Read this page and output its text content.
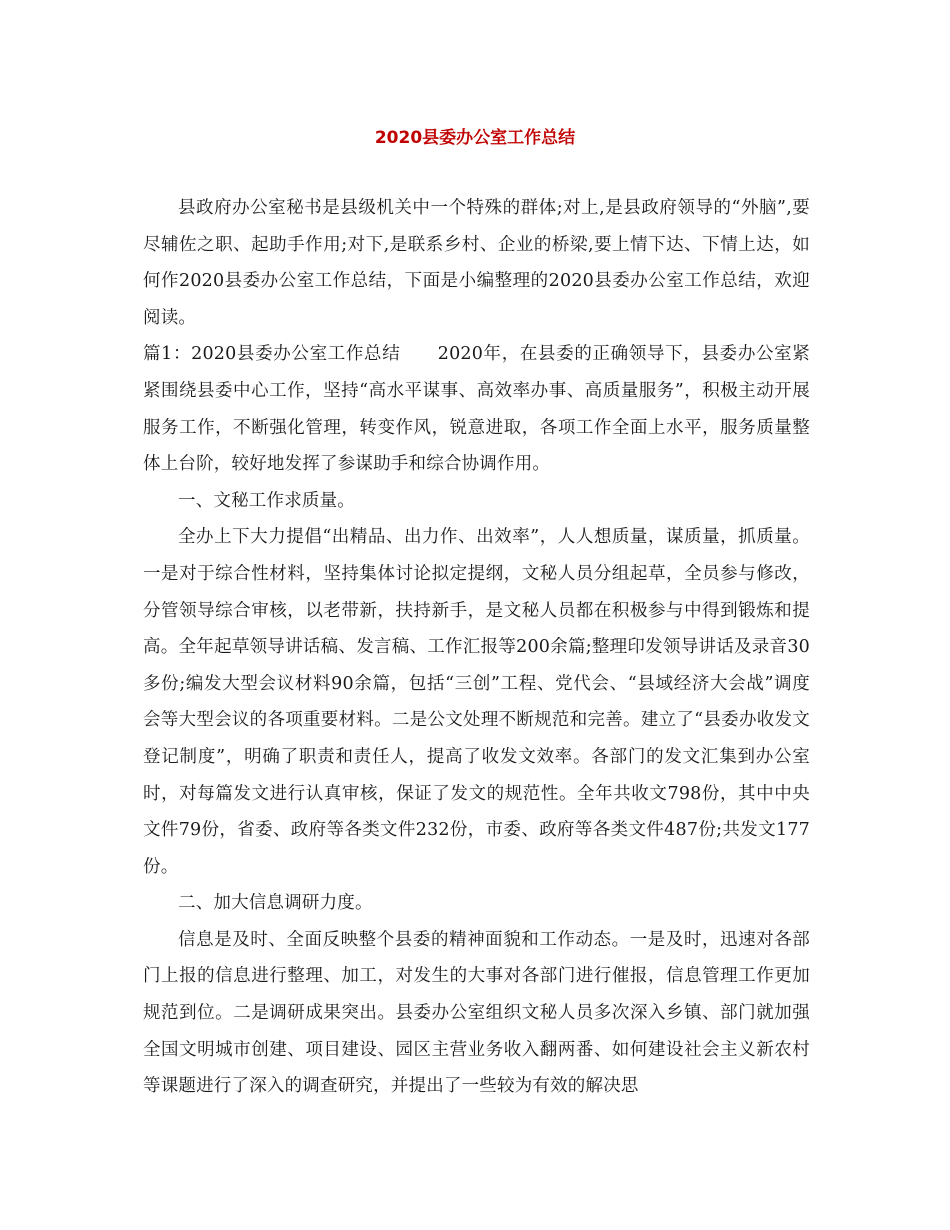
2020县委办公室工作总结

县政府办公室秘书是县级机关中一个特殊的群体;对上,是县政府领导的“外脑”,要尽辅佐之职、起助手作用;对下,是联系乡村、企业的桥梁,要上情下达、下情上达，如何作2020县委办公室工作总结，下面是小编整理的2020县委办公室工作总结，欢迎阅读。

篇1：2020县委办公室工作总结 2020年，在县委的正确领导下，县委办公室紧紧围绕县委中心工作，坚持“高水平谋事、高效率办事、高质量服务”，积极主动开展服务工作，不断强化管理，转变作风，锐意进取，各项工作全面上水平，服务质量整体上台阶，较好地发挥了参谋助手和综合协调作用。

一、文秘工作求质量。

全办上下大力提倡“出精品、出力作、出效率”，人人想质量，谋质量，抓质量。一是对于综合性材料，坚持集体讨论拟定提纲，文秘人员分组起草，全员参与修改，分管领导综合审核，以老带新，扶持新手，是文秘人员都在积极参与中得到锻炼和提高。全年起草领导讲话稿、发言稿、工作汇报等200余篇;整理印发领导讲话及录音30多份;编发大型会议材料90余篇，包括“三创”工程、党代会、“县域经济大会战”调度会等大型会议的各项重要材料。二是公文处理不断规范和完善。建立了“县委办收发文登记制度”，明确了职责和责任人，提高了收发文效率。各部门的发文汇集到办公室时，对每篇发文进行认真审核，保证了发文的规范性。全年共收文798份，其中中央文件79份，省委、政府等各类文件232份，市委、政府等各类文件487份;共发文177份。

二、加大信息调研力度。

信息是及时、全面反映整个县委的精神面貌和工作动态。一是及时，迅速对各部门上报的信息进行整理、加工，对发生的大事对各部门进行催报，信息管理工作更加规范到位。二是调研成果突出。县委办公室组织文秘人员多次深入乡镇、部门就加强全国文明城市创建、项目建设、园区主营业务收入翻两番、如何建设社会主义新农村等课题进行了深入的调查研究，并提出了一些较为有效的解决思
